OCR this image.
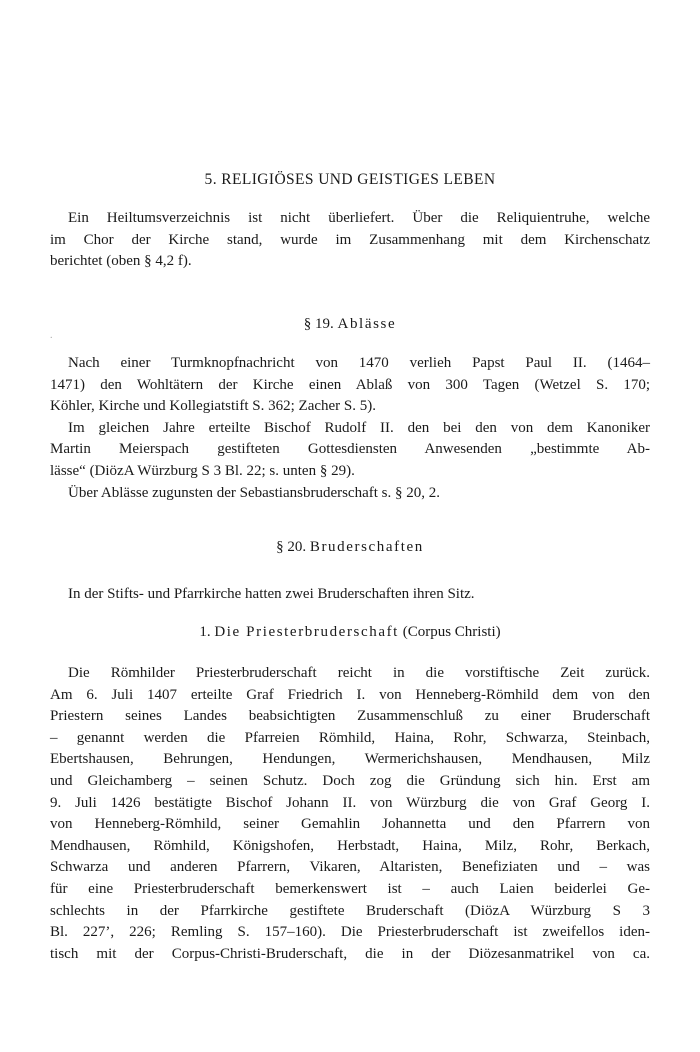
5. RELIGIÖSES UND GEISTIGES LEBEN
Ein Heiltumsverzeichnis ist nicht überliefert. Über die Reliquientruhe, welche
im Chor der Kirche stand, wurde im Zusammenhang mit dem Kirchenschatz
berichtet (oben § 4,2 f).
.
§ 19. Ablässe
Nach einer Turmknopfnachricht von 1470 verlieh Papst Paul II. (1464–
1471) den Wohltätern der Kirche einen Ablaß von 300 Tagen (Wetzel S. 170;
Köhler, Kirche und Kollegiatstift S. 362; Zacher S. 5).
Im gleichen Jahre erteilte Bischof Rudolf II. den bei den von dem Kanoniker
Martin Meierspach gestifteten Gottesdiensten Anwesenden „bestimmte Ab-
lässe“ (DiözA Würzburg S 3 Bl. 22; s. unten § 29).
Über Ablässe zugunsten der Sebastiansbruderschaft s. § 20, 2.
§ 20. Bruderschaften
In der Stifts- und Pfarrkirche hatten zwei Bruderschaften ihren Sitz.
1. Die Priesterbruderschaft (Corpus Christi)
Die Römhilder Priesterbruderschaft reicht in die vorstiftische Zeit zurück.
Am 6. Juli 1407 erteilte Graf Friedrich I. von Henneberg-Römhild dem von den
Priestern seines Landes beabsichtigten Zusammenschluß zu einer Bruderschaft
– genannt werden die Pfarreien Römhild, Haina, Rohr, Schwarza, Steinbach,
Ebertshausen, Behrungen, Hendungen, Wermerichshausen, Mendhausen, Milz
und Gleichamberg – seinen Schutz. Doch zog die Gründung sich hin. Erst am
9. Juli 1426 bestätigte Bischof Johann II. von Würzburg die von Graf Georg I.
von Henneberg-Römhild, seiner Gemahlin Johannetta und den Pfarrern von
Mendhausen, Römhild, Königshofen, Herbstadt, Haina, Milz, Rohr, Berkach,
Schwarza und anderen Pfarrern, Vikaren, Altaristen, Benefiziaten und – was
für eine Priesterbruderschaft bemerkenswert ist – auch Laien beiderlei Ge-
schlechts in der Pfarrkirche gestiftete Bruderschaft (DiözA Würzburg S 3
Bl. 227’, 226; Remling S. 157–160). Die Priesterbruderschaft ist zweifellos iden-
tisch mit der Corpus-Christi-Bruderschaft, die in der Diözesanmatrikel von ca.
